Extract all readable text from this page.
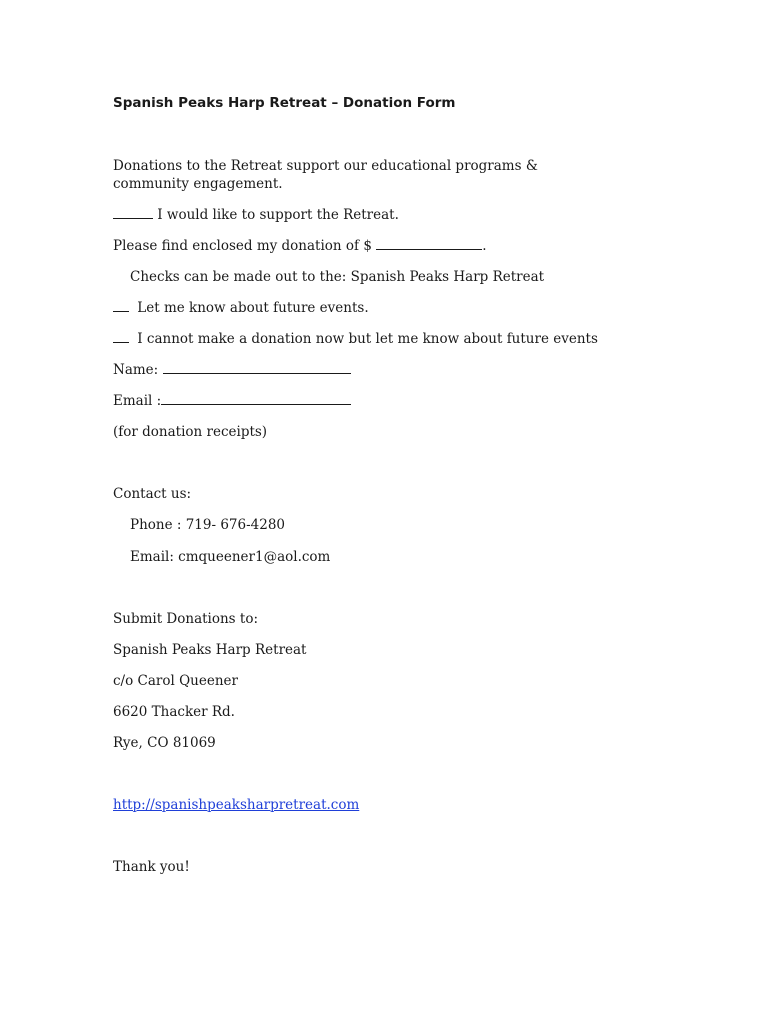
Spanish Peaks Harp Retreat – Donation Form
Donations to the Retreat support our educational programs & community engagement.
I would like to support the Retreat.
Please find enclosed my donation of $	.
Checks can be made out to the: Spanish Peaks Harp Retreat
Let me know about future events.
I cannot make a donation now but let me know about future events
Name:
Email :
(for donation receipts)
Contact us:
Phone : 719- 676-4280
Email: cmqueener1@aol.com
Submit Donations to:
Spanish Peaks Harp Retreat
c/o Carol Queener
6620 Thacker Rd.
Rye, CO 81069
http://spanishpeaksharpretreat.com
Thank you!
